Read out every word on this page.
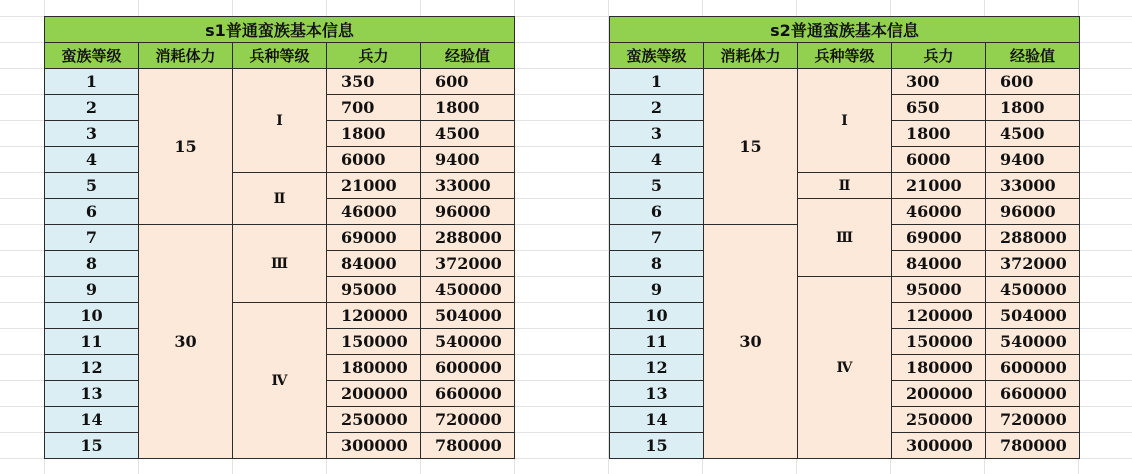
s1普通蛮族基本信息				
蛮族等级	消耗体力	兵种等级	兵力	经验值
1	15	Ⅰ	350	600
2			700	1800
3			1800	4500
4			6000	9400
5		Ⅱ	21000	33000
6			46000	96000
7	30	Ⅲ	69000	288000
8			84000	372000
9			95000	450000
10		Ⅳ	120000	504000
11			150000	540000
12			180000	600000
13			200000	660000
14			250000	720000
15			300000	780000
s2普通蛮族基本信息				
蛮族等级	消耗体力	兵种等级	兵力	经验值
1	15	Ⅰ	300	600
2			650	1800
3			1800	4500
4			6000	9400
5		Ⅱ	21000	33000
6		Ⅲ	46000	96000
7	30		69000	288000
8			84000	372000
9		Ⅳ	95000	450000
10			120000	504000
11			150000	540000
12			180000	600000
13			200000	660000
14			250000	720000
15			300000	780000
